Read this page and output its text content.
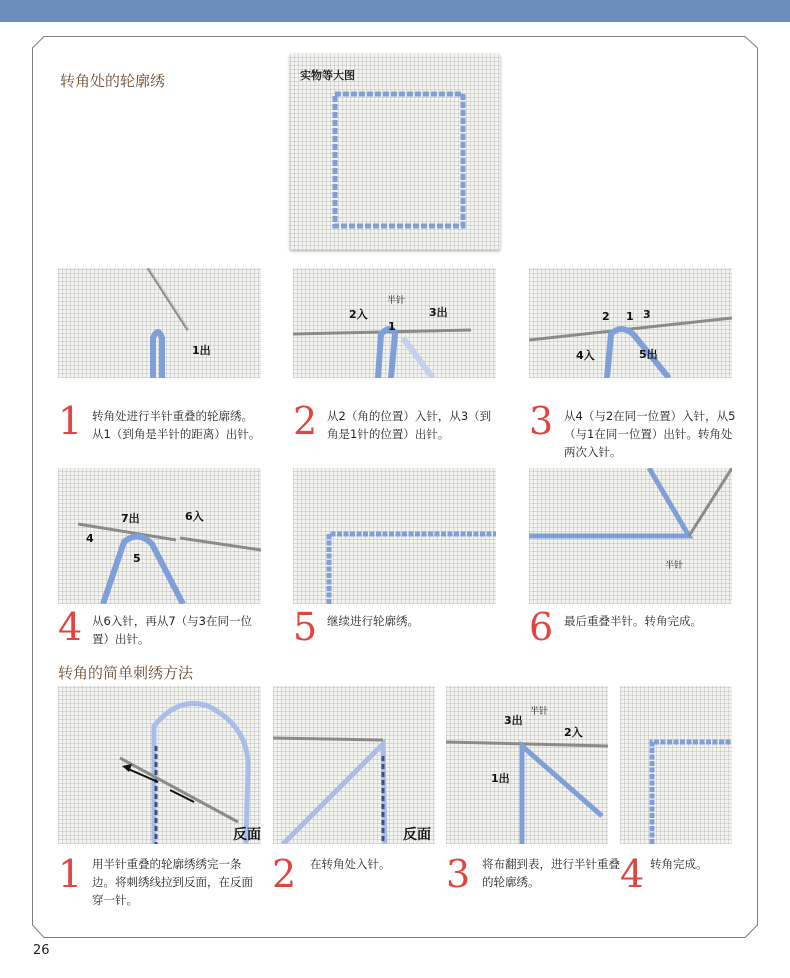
转角处的轮廓绣	实物等大图
1出
2入
半针
1
3出	2 1 3
4入	5出
1 转角处进行半针重叠的轮廓绣。从1（到角是半针的距离）出针。 2 从2（角的位置）入针，从3（到角是1针的位置）出针。	3 从4（与2在同一位置）入针，从5（与1在同一位置）出针。转角处两次入针。
7出	6入
4
5
半针
4 从6入针，再从7（与3在同一位置）出针。	5 继续进行轮廓绣。	6 最后重叠半针。转角完成。
转角的简单刺绣方法
反面	反面
3出
半针
2入
1出
1 用半针重叠的轮廓绣绣完一条边。将刺绣线拉到反面，在反面穿一针。
2 在转角处入针。	3 将布翻到表，进行半针重叠的轮廓绣。	4 转角完成。
26
